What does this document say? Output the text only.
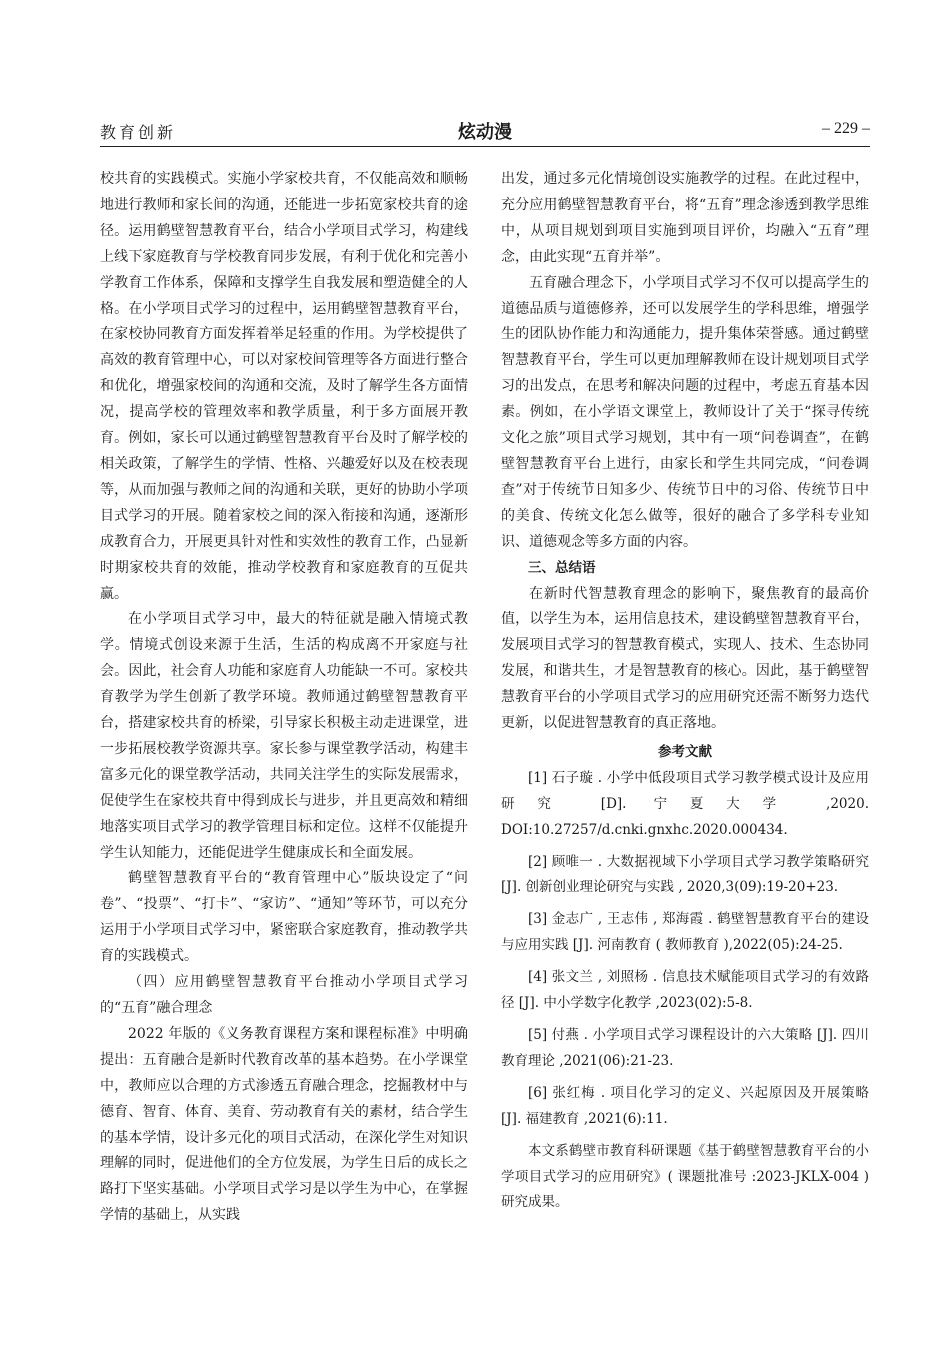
教育创新	炫动漫	– 229 –

校共育的实践模式。实施小学家校共育，不仅能高效和顺畅地进行教师和家长间的沟通，还能进一步拓宽家校共育的途径。运用鹤壁智慧教育平台，结合小学项目式学习，构建线上线下家庭教育与学校教育同步发展，有利于优化和完善小学教育工作体系，保障和支撑学生自我发展和塑造健全的人格。在小学项目式学习的过程中，运用鹤壁智慧教育平台，在家校协同教育方面发挥着举足轻重的作用。为学校提供了高效的教育管理中心，可以对家校间管理等各方面进行整合和优化，增强家校间的沟通和交流，及时了解学生各方面情况，提高学校的管理效率和教学质量，利于多方面展开教育。例如，家长可以通过鹤壁智慧教育平台及时了解学校的相关政策，了解学生的学情、性格、兴趣爱好以及在校表现等，从而加强与教师之间的沟通和关联，更好的协助小学项目式学习的开展。随着家校之间的深入衔接和沟通，逐渐形成教育合力，开展更具针对性和实效性的教育工作，凸显新时期家校共育的效能，推动学校教育和家庭教育的互促共赢。

在小学项目式学习中，最大的特征就是融入情境式教学。情境式创设来源于生活，生活的构成离不开家庭与社会。因此，社会育人功能和家庭育人功能缺一不可。家校共育教学为学生创新了教学环境。教师通过鹤壁智慧教育平台，搭建家校共育的桥梁，引导家长积极主动走进课堂，进一步拓展校教学资源共享。家长参与课堂教学活动，构建丰富多元化的课堂教学活动，共同关注学生的实际发展需求，促使学生在家校共育中得到成长与进步，并且更高效和精细地落实项目式学习的教学管理目标和定位。这样不仅能提升学生认知能力，还能促进学生健康成长和全面发展。

鹤壁智慧教育平台的“教育管理中心”版块设定了“问卷”、“投票”、“打卡”、“家访”、“通知”等环节，可以充分运用于小学项目式学习中，紧密联合家庭教育，推动教学共育的实践模式。

（四）应用鹤壁智慧教育平台推动小学项目式学习的“五育”融合理念

2022 年版的《义务教育课程方案和课程标准》中明确提出：五育融合是新时代教育改革的基本趋势。在小学课堂中，教师应以合理的方式渗透五育融合理念，挖掘教材中与德育、智育、体育、美育、劳动教育有关的素材，结合学生的基本学情，设计多元化的项目式活动，在深化学生对知识理解的同时，促进他们的全方位发展，为学生日后的成长之路打下坚实基础。小学项目式学习是以学生为中心，在掌握学情的基础上，从实践

出发，通过多元化情境创设实施教学的过程。在此过程中，充分应用鹤壁智慧教育平台，将“五育”理念渗透到教学思维中，从项目规划到项目实施到项目评价，均融入“五育”理念，由此实现“五育并举”。

五育融合理念下，小学项目式学习不仅可以提高学生的道德品质与道德修养，还可以发展学生的学科思维，增强学生的团队协作能力和沟通能力，提升集体荣誉感。通过鹤壁智慧教育平台，学生可以更加理解教师在设计规划项目式学习的出发点，在思考和解决问题的过程中，考虑五育基本因素。例如，在小学语文课堂上，教师设计了关于“探寻传统文化之旅”项目式学习规划，其中有一项“问卷调查”，在鹤壁智慧教育平台上进行，由家长和学生共同完成，“问卷调查”对于传统节日知多少、传统节日中的习俗、传统节日中的美食、传统文化怎么做等，很好的融合了多学科专业知识、道德观念等多方面的内容。

三、总结语

在新时代智慧教育理念的影响下，聚焦教育的最高价值，以学生为本，运用信息技术，建设鹤壁智慧教育平台，发展项目式学习的智慧教育模式，实现人、技术、生态协同发展，和谐共生，才是智慧教育的核心。因此，基于鹤壁智慧教育平台的小学项目式学习的应用研究还需不断努力迭代更新，以促进智慧教育的真正落地。

参考文献

[1] 石子璇 . 小学中低段项目式学习教学模式设计及应用研究 [D]. 宁夏大学 ,2020. DOI:10.27257/d.cnki.gnxhc.2020.000434.

[2] 顾唯一 . 大数据视域下小学项目式学习教学策略研究 [J]. 创新创业理论研究与实践 , 2020,3(09):19-20+23.

[3] 金志广 , 王志伟 , 郑海霞 . 鹤壁智慧教育平台的建设与应用实践 [J]. 河南教育 ( 教师教育 ),2022(05):24-25.

[4] 张文兰 , 刘照杨 . 信息技术赋能项目式学习的有效路径 [J]. 中小学数字化教学 ,2023(02):5-8.

[5] 付燕 . 小学项目式学习课程设计的六大策略 [J]. 四川教育理论 ,2021(06):21-23.

[6] 张红梅 . 项目化学习的定义、兴起原因及开展策略 [J]. 福建教育 ,2021(6):11.

本文系鹤壁市教育科研课题《基于鹤壁智慧教育平台的小学项目式学习的应用研究》( 课题批准号 :2023-JKLX-004 ) 研究成果。
